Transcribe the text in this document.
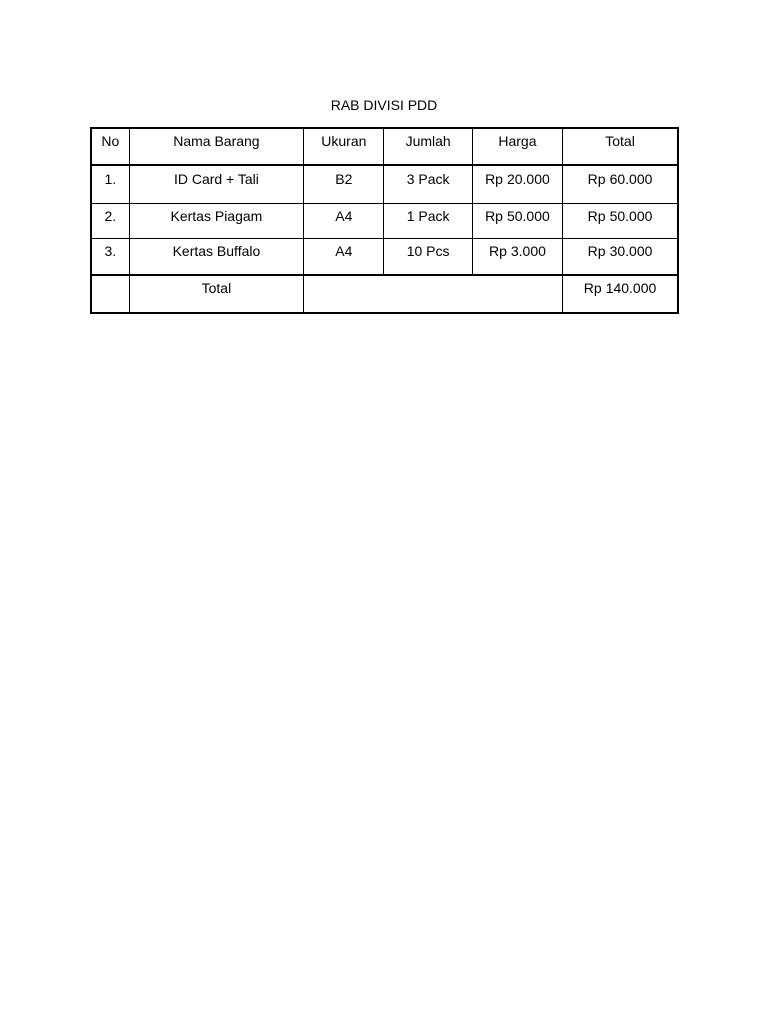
RAB DIVISI PDD
No	Nama Barang	Ukuran	Jumlah	Harga	Total
1.	ID Card + Tali	B2	3 Pack	Rp 20.000	Rp 60.000
2.	Kertas Piagam	A4	1 Pack	Rp 50.000	Rp 50.000
3.	Kertas Buffalo	A4	10 Pcs	Rp 3.000	Rp 30.000
	Total				Rp 140.000
